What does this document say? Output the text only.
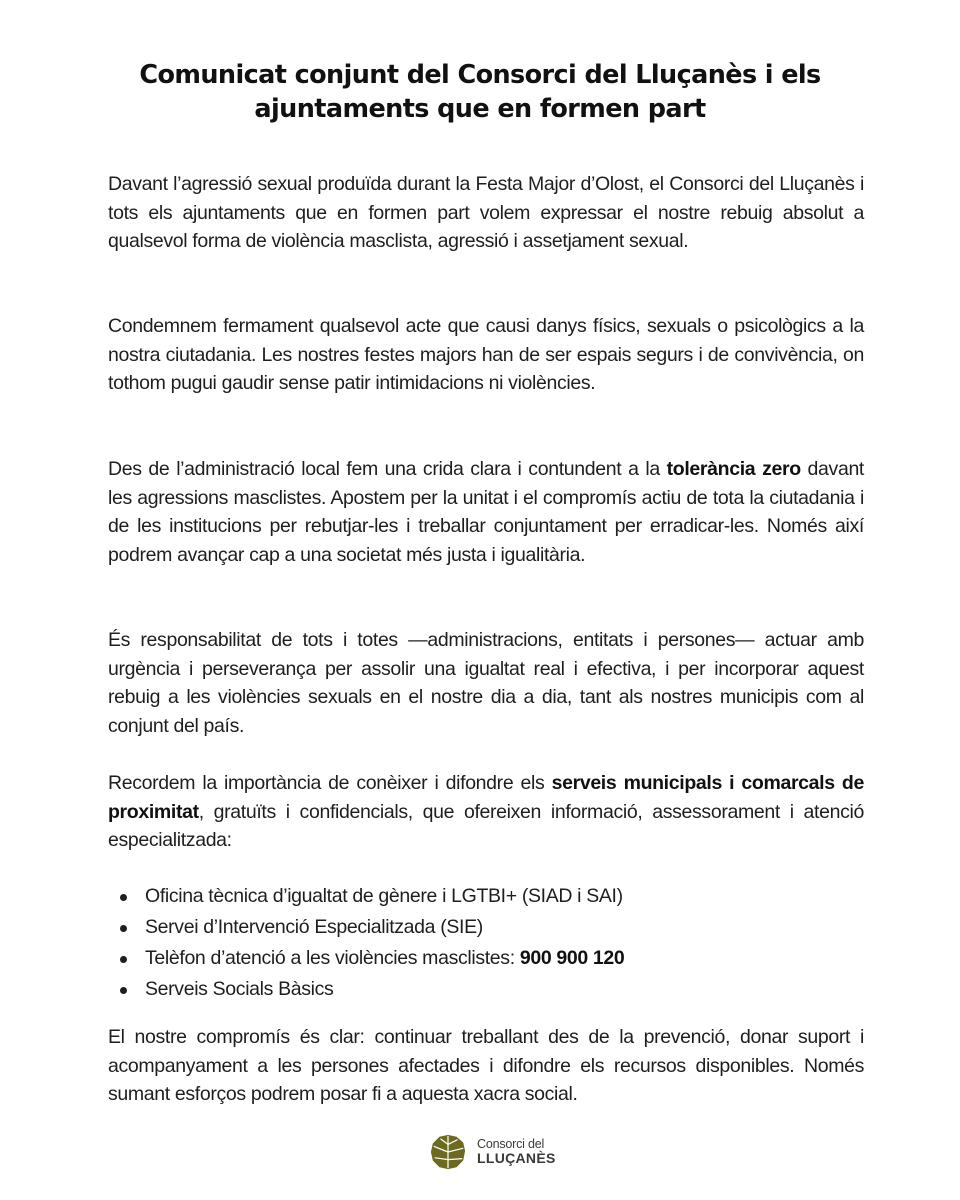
Comunicat conjunt del Consorci del Lluçanès i els ajuntaments que en formen part

Davant l’agressió sexual produïda durant la Festa Major d’Olost, el Consorci del Lluçanès i tots els ajuntaments que en formen part volem expressar el nostre rebuig absolut a qualsevol forma de violència masclista, agressió i assetjament sexual.

Condemnem fermament qualsevol acte que causi danys físics, sexuals o psicològics a la nostra ciutadania. Les nostres festes majors han de ser espais segurs i de convivència, on tothom pugui gaudir sense patir intimidacions ni violències.

Des de l’administració local fem una crida clara i contundent a la tolerància zero davant les agressions masclistes. Apostem per la unitat i el compromís actiu de tota la ciutadania i de les institucions per rebutjar-les i treballar conjuntament per erradicar-les. Només així podrem avançar cap a una societat més justa i igualitària.

És responsabilitat de tots i totes —administracions, entitats i persones— actuar amb urgència i perseverança per assolir una igualtat real i efectiva, i per incorporar aquest rebuig a les violències sexuals en el nostre dia a dia, tant als nostres municipis com al conjunt del país.

Recordem la importància de conèixer i difondre els serveis municipals i comarcals de proximitat, gratuïts i confidencials, que ofereixen informació, assessorament i atenció especialitzada:

Oficina tècnica d’igualtat de gènere i LGTBI+ (SIAD i SAI)
Servei d’Intervenció Especialitzada (SIE)
Telèfon d’atenció a les violències masclistes: 900 900 120
Serveis Socials Bàsics

El nostre compromís és clar: continuar treballant des de la prevenció, donar suport i acompanyament a les persones afectades i difondre els recursos disponibles. Només sumant esforços podrem posar fi a aquesta xacra social.

Consorci del
LLUÇANÈS
